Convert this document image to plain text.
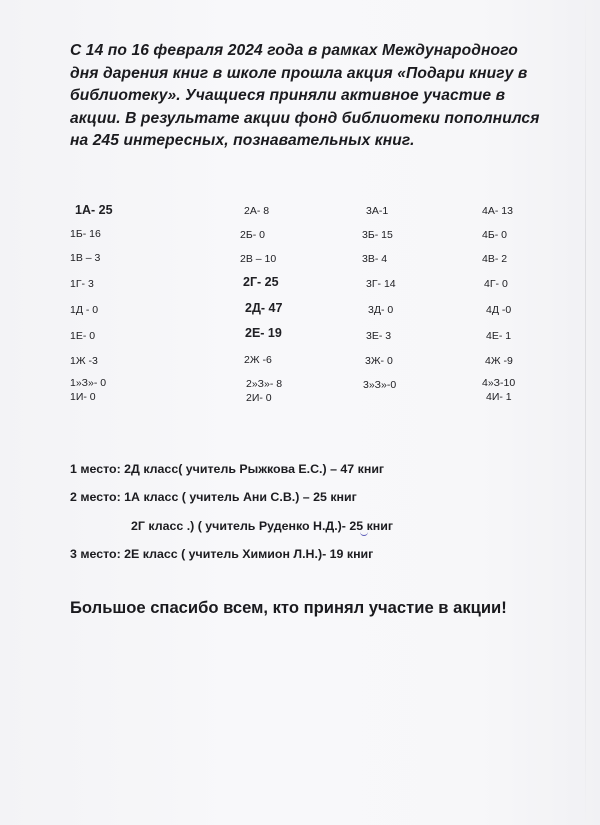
С 14 по 16 февраля 2024 года в рамках Международного дня дарения книг в школе прошла акция «Подари книгу в библиотеку». Учащиеся приняли активное участие в акции. В результате акции фонд библиотеки пополнился на 245 интересных, познавательных книг.

1А- 25
1Б- 16
1В – 3
1Г- 3
1Д - 0
1Е- 0
1Ж -3
1»З»- 0
1И- 0
2А- 8
2Б- 0
2В – 10
2Г- 25
2Д- 47
2Е- 19
2Ж -6
2»З»- 8
2И- 0
3А-1
3Б- 15
3В- 4
3Г- 14
3Д- 0
3Е- 3
3Ж- 0
3»З»-0
4А- 13
4Б- 0
4В- 2
4Г- 0
4Д -0
4Е- 1
4Ж -9
4»З-10
4И- 1
1 место: 2Д класс( учитель Рыжкова Е.С.) – 47 книг
2 место: 1А класс ( учитель Ани С.В.) – 25 книг
2Г класс .) ( учитель Руденко Н.Д.)- 25 книг
3 место: 2Е класс ( учитель Химион Л.Н.)- 19 книг
Большое спасибо всем, кто принял участие в акции!
